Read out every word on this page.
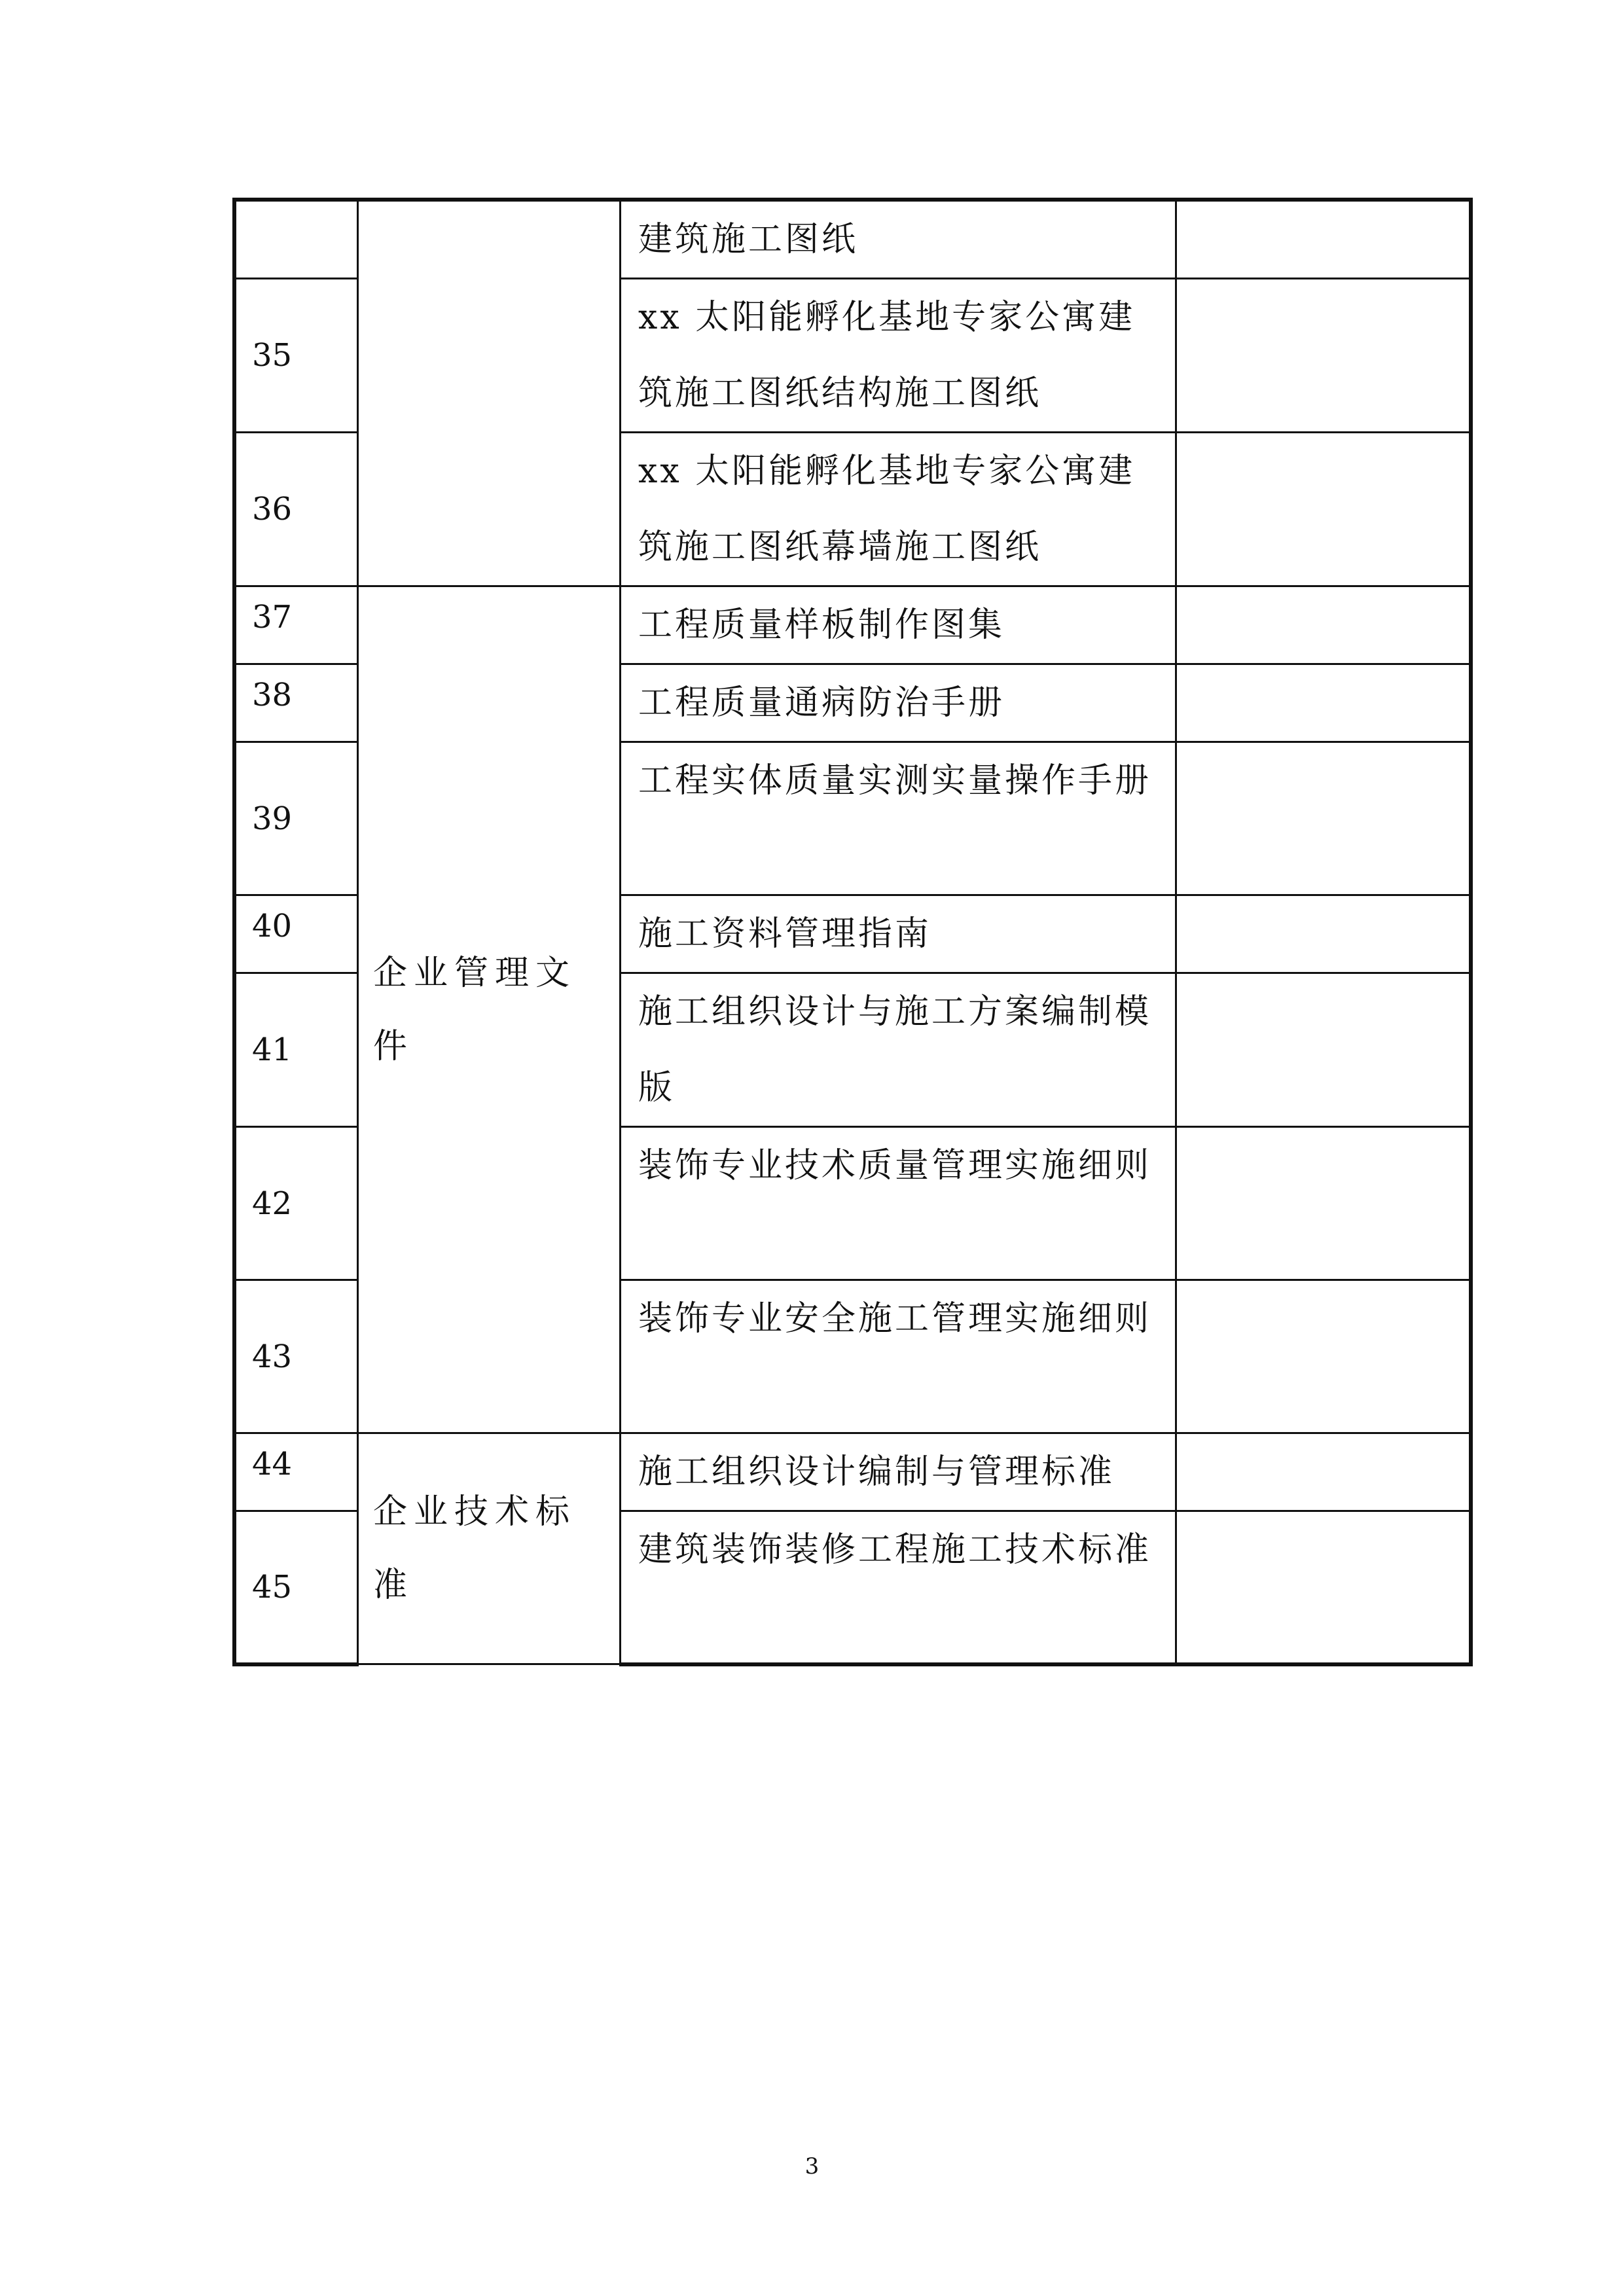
		建筑施工图纸	
35		xx 太阳能孵化基地专家公寓建筑施工图纸结构施工图纸	
36		xx 太阳能孵化基地专家公寓建筑施工图纸幕墙施工图纸	
37	企业管理文件	工程质量样板制作图集	
38		工程质量通病防治手册	
39		工程实体质量实测实量操作手册	
40		施工资料管理指南	
41		施工组织设计与施工方案编制模版	
42		装饰专业技术质量管理实施细则	
43		装饰专业安全施工管理实施细则	
44	企业技术标准	施工组织设计编制与管理标准	
45		建筑装饰装修工程施工技术标准	
3
